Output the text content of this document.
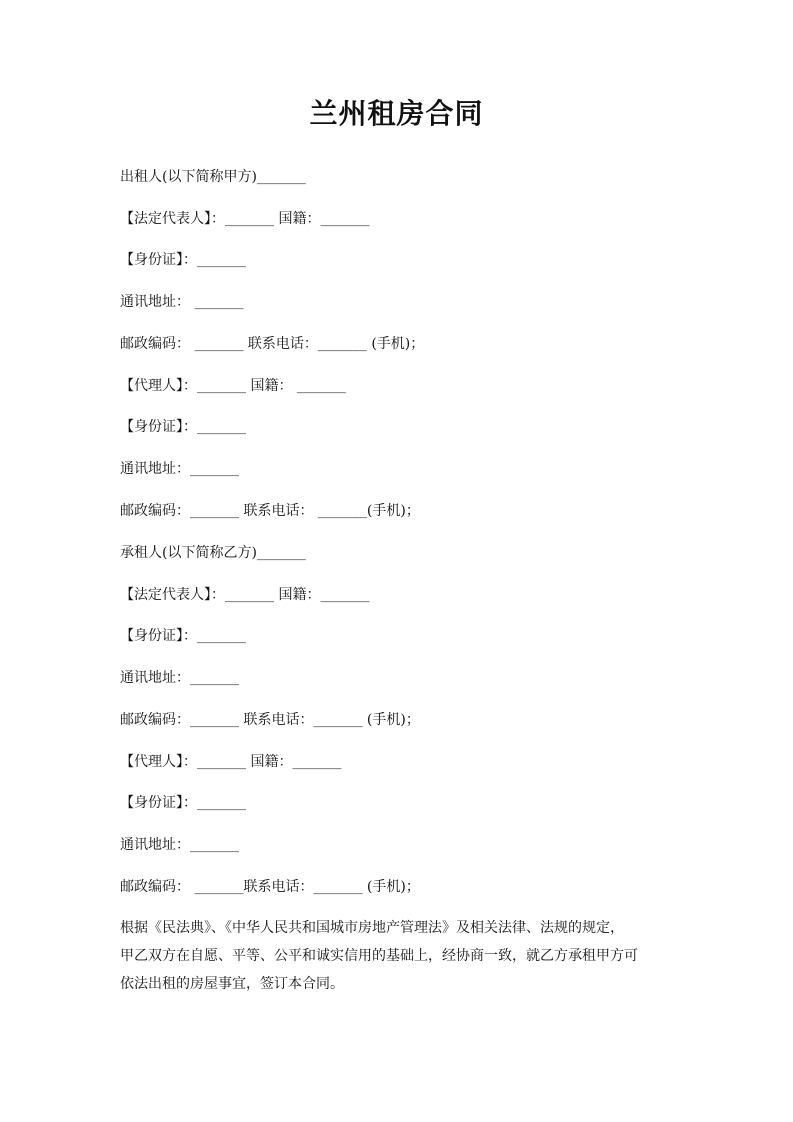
兰州租房合同
出租人(以下简称甲方)_______
【法定代表人】：_______ 国籍：_______
【身份证】：_______
通讯地址： _______
邮政编码： _______ 联系电话：_______ (手机)；
【代理人】：_______ 国籍： _______
【身份证】：_______
通讯地址：_______
邮政编码：_______ 联系电话： _______(手机)；
承租人(以下简称乙方)_______
【法定代表人】：_______ 国籍：_______
【身份证】：_______
通讯地址：_______
邮政编码：_______ 联系电话：_______ (手机)；
【代理人】：_______ 国籍：_______
【身份证】：_______
通讯地址：_______
邮政编码： _______联系电话：_______ (手机)；
根据《民法典》、《中华人民共和国城市房地产管理法》及相关法律、法规的规定，
甲乙双方在自愿、平等、公平和诚实信用的基础上，经协商一致，就乙方承租甲方可
依法出租的房屋事宜，签订本合同。
